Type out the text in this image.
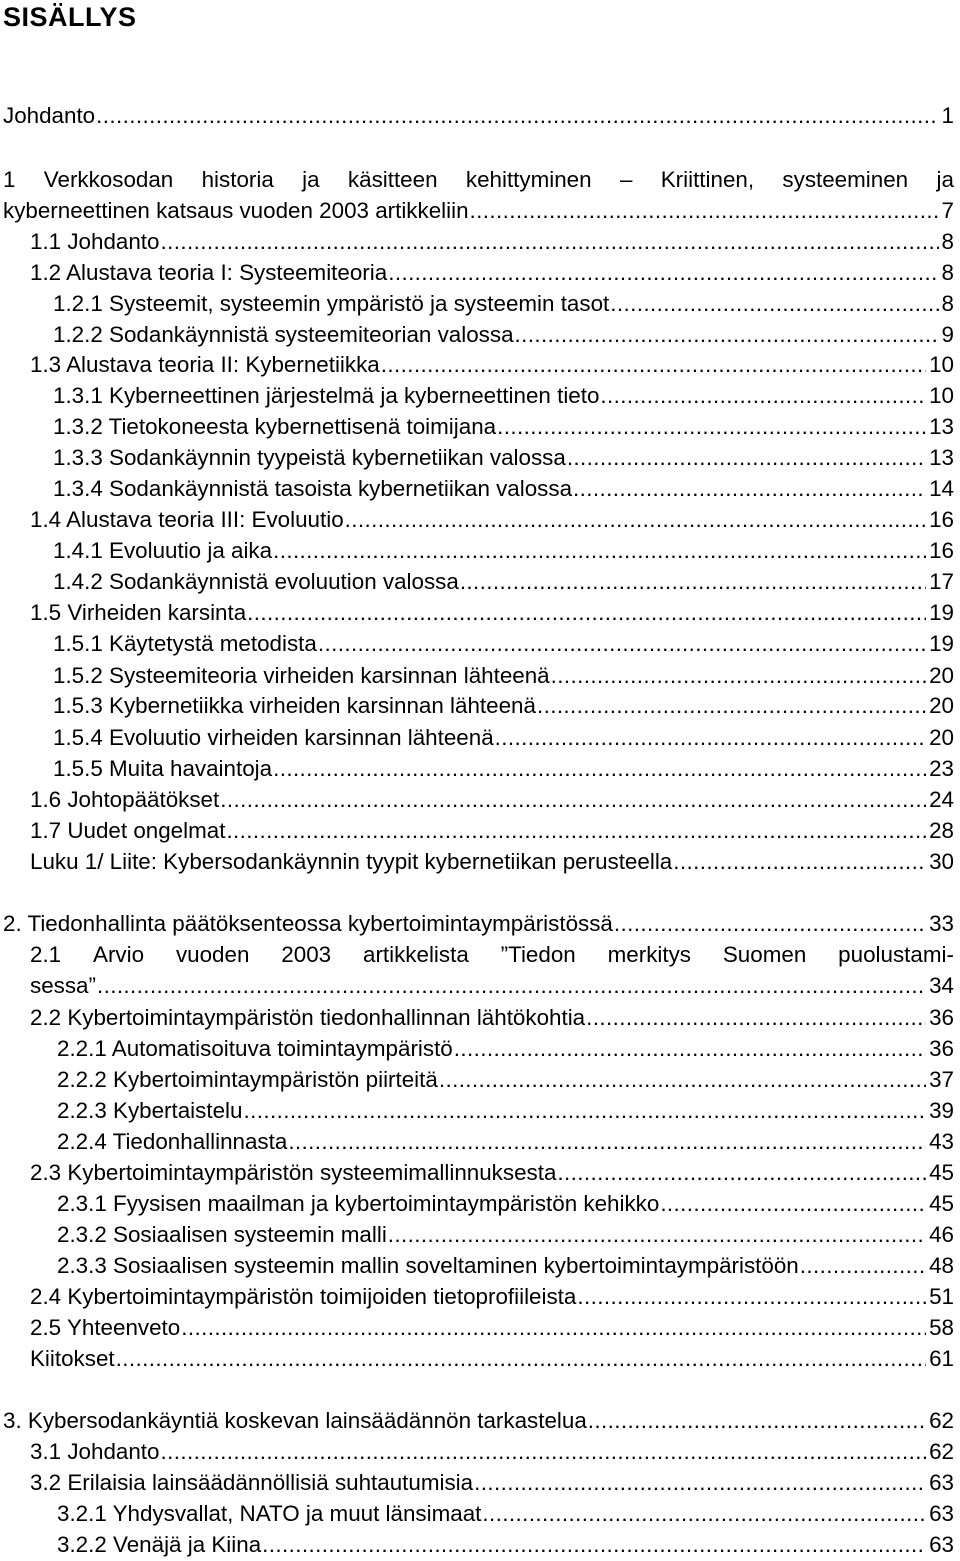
SISÄLLYS
Johdanto .....	1
1 Verkkosodan historia ja käsitteen kehittyminen – Kriittinen, systeeminen ja
kyberneettinen katsaus vuoden 2003 artikkeliin .....	7
1.1 Johdanto .....	8
1.2 Alustava teoria I: Systeemiteoria .....	8
1.2.1 Systeemit, systeemin ympäristö ja systeemin tasot .....	8
1.2.2 Sodankäynnistä systeemiteorian valossa .....	9
1.3 Alustava teoria II: Kybernetiikka .....	10
1.3.1 Kyberneettinen järjestelmä ja kyberneettinen tieto .....	10
1.3.2 Tietokoneesta kybernettisenä toimijana .....	13
1.3.3 Sodankäynnin tyypeistä kybernetiikan valossa .....	13
1.3.4 Sodankäynnistä tasoista kybernetiikan valossa .....	14
1.4 Alustava teoria III: Evoluutio .....	16
1.4.1 Evoluutio ja aika .....	16
1.4.2 Sodankäynnistä evoluution valossa .....	17
1.5 Virheiden karsinta .....	19
1.5.1 Käytetystä metodista .....	19
1.5.2 Systeemiteoria virheiden karsinnan lähteenä .....	20
1.5.3 Kybernetiikka virheiden karsinnan lähteenä .....	20
1.5.4 Evoluutio virheiden karsinnan lähteenä .....	20
1.5.5 Muita havaintoja .....	23
1.6 Johtopäätökset .....	24
1.7 Uudet ongelmat .....	28
Luku 1/ Liite: Kybersodankäynnin tyypit kybernetiikan perusteella .....	30
2. Tiedonhallinta päätöksenteossa kybertoimintaympäristössä .....	33
2.1 Arvio vuoden 2003 artikkelista ”Tiedon merkitys Suomen puolustami-
sessa” .....	34
2.2 Kybertoimintaympäristön tiedonhallinnan lähtökohtia .....	36
2.2.1 Automatisoituva toimintaympäristö .....	36
2.2.2 Kybertoimintaympäristön piirteitä .....	37
2.2.3 Kybertaistelu .....	39
2.2.4 Tiedonhallinnasta .....	43
2.3 Kybertoimintaympäristön systeemimallinnuksesta .....	45
2.3.1 Fyysisen maailman ja kybertoimintaympäristön kehikko .....	45
2.3.2 Sosiaalisen systeemin malli .....	46
2.3.3 Sosiaalisen systeemin mallin soveltaminen kybertoimintaympäristöön .....	48
2.4 Kybertoimintaympäristön toimijoiden tietoprofiileista .....	51
2.5 Yhteenveto .....	58
Kiitokset .....	61
3. Kybersodankäyntiä koskevan lainsäädännön tarkastelua .....	62
3.1 Johdanto .....	62
3.2 Erilaisia lainsäädännöllisiä suhtautumisia .....	63
3.2.1 Yhdysvallat, NATO ja muut länsimaat .....	63
3.2.2 Venäjä ja Kiina .....	63
